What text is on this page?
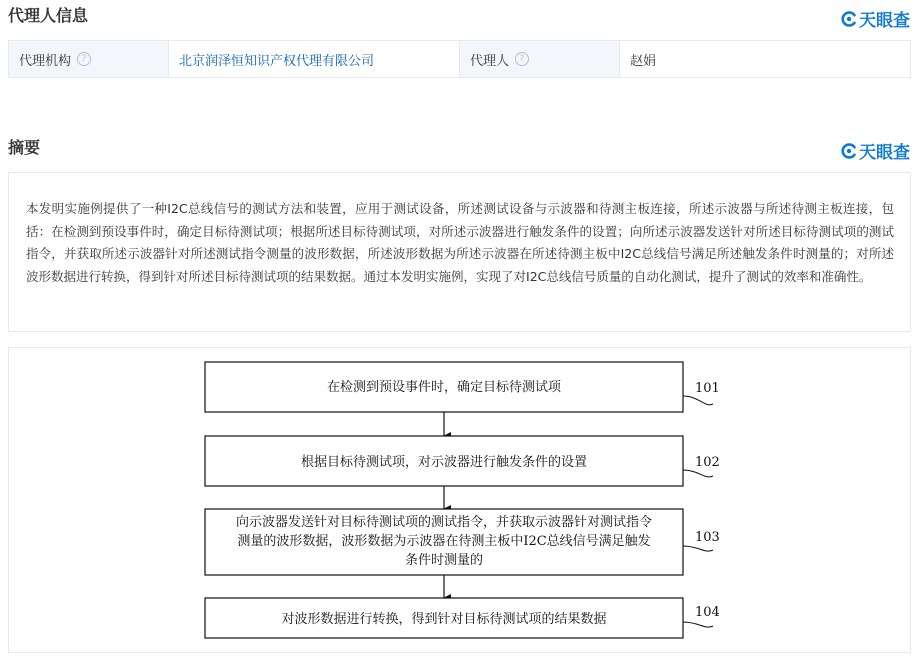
代理人信息	天眼查
代理机构	?	北京润泽恒知识产权代理有限公司	代理人	?	赵娟
摘要	天眼查

本发明实施例提供了一种I2C总线信号的测试方法和装置，应用于测试设备，所述测试设备与示波器和待测主板连接，所述示波器与所述待测主板连接，包括：在检测到预设事件时，确定目标待测试项；根据所述目标待测试项，对所述示波器进行触发条件的设置；向所述示波器发送针对所述目标待测试项的测试指令，并获取所述示波器针对所述测试指令测量的波形数据，所述波形数据为所述示波器在所述待测主板中I2C总线信号满足所述触发条件时测量的；对所述波形数据进行转换，得到针对所述目标待测试项的结果数据。通过本发明实施例，实现了对I2C总线信号质量的自动化测试，提升了测试的效率和准确性。

在检测到预设事件时，确定目标待测试项	101
根据目标待测试项，对示波器进行触发条件的设置	102
向示波器发送针对目标待测试项的测试指令，并获取示波器针对测试指令
测量的波形数据，波形数据为示波器在待测主板中I2C总线信号满足触发
条件时测量的
103
对波形数据进行转换，得到针对目标待测试项的结果数据	104
